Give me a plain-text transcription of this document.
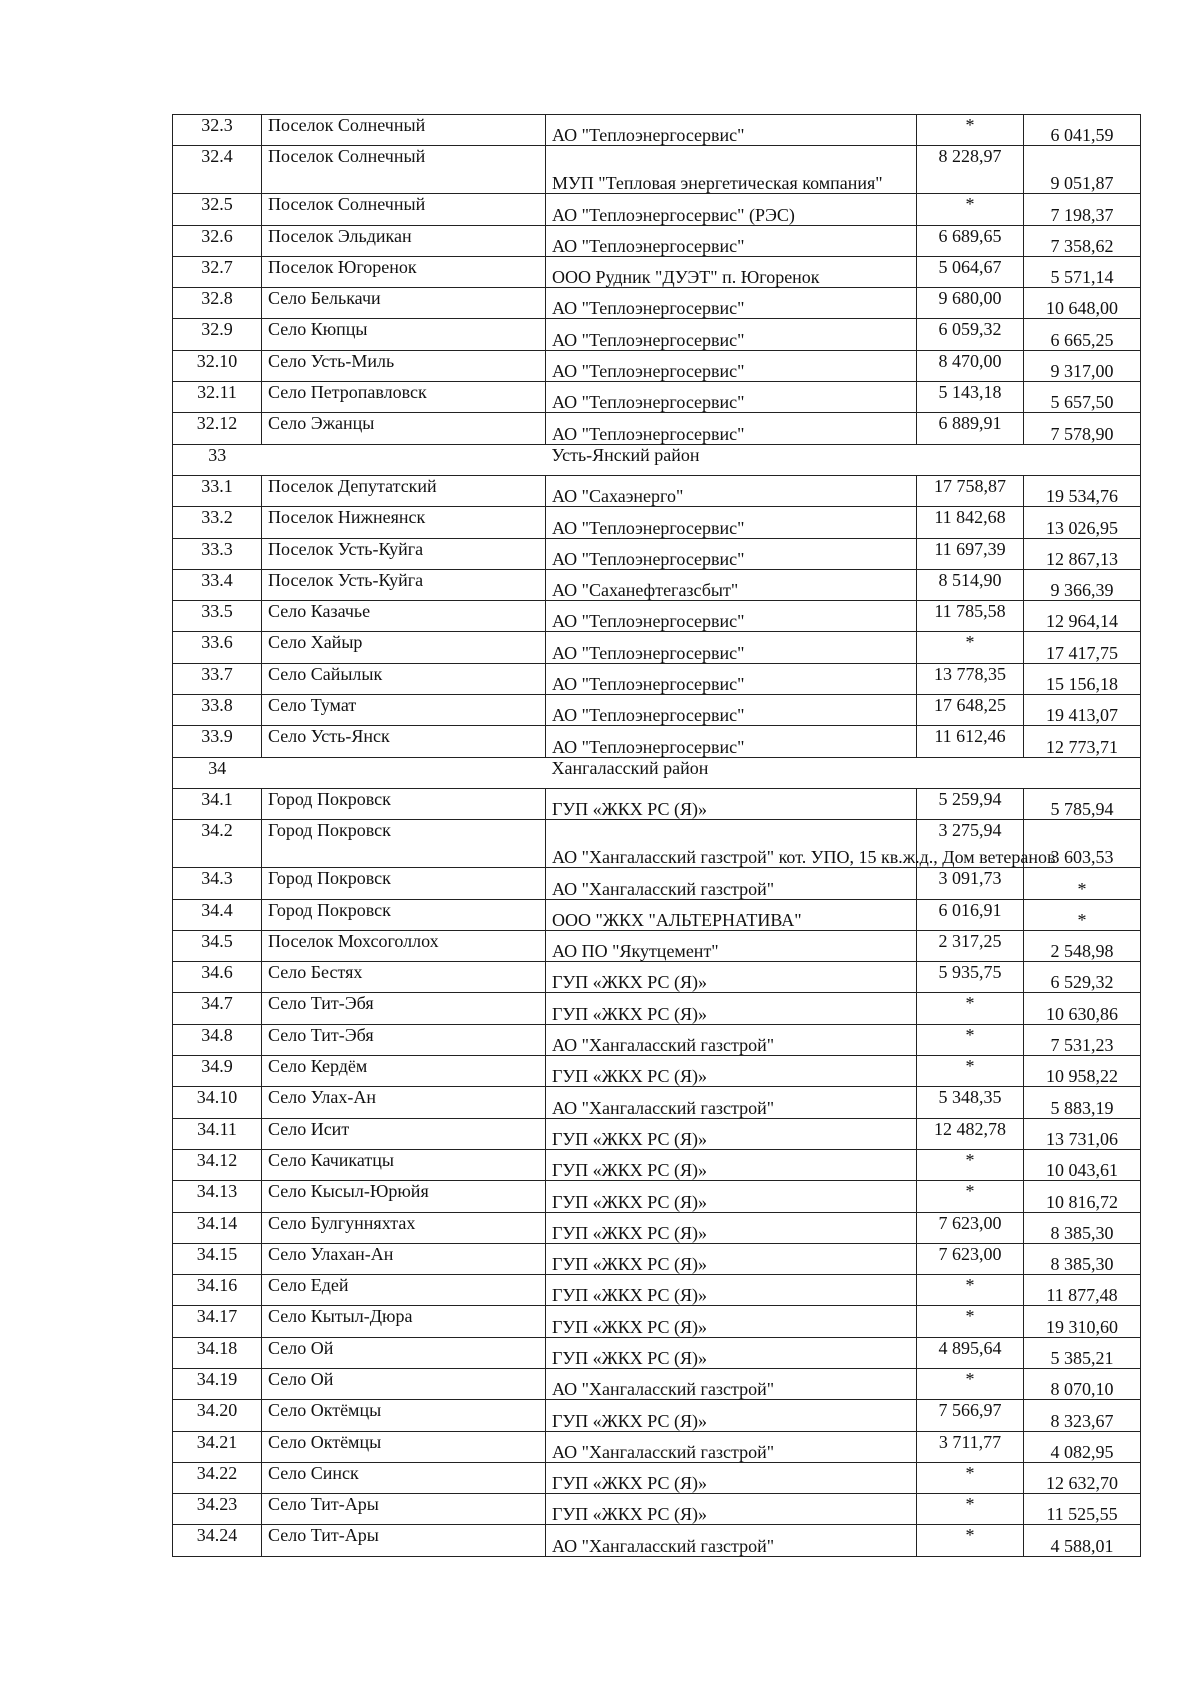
32.3	Поселок Солнечный	АО "Теплоэнергосервис"	*	6 041,59
32.4	Поселок Солнечный	МУП "Тепловая энергетическая компания"	8 228,97	9 051,87
32.5	Поселок Солнечный	АО "Теплоэнергосервис" (РЭС)	*	7 198,37
32.6	Поселок Эльдикан	АО "Теплоэнергосервис"	6 689,65	7 358,62
32.7	Поселок Югоренок	ООО Рудник "ДУЭТ" п. Югоренок	5 064,67	5 571,14
32.8	Село Белькачи	АО "Теплоэнергосервис"	9 680,00	10 648,00
32.9	Село Кюпцы	АО "Теплоэнергосервис"	6 059,32	6 665,25
32.10	Село Усть-Миль	АО "Теплоэнергосервис"	8 470,00	9 317,00
32.11	Село Петропавловск	АО "Теплоэнергосервис"	5 143,18	5 657,50
32.12	Село Эжанцы	АО "Теплоэнергосервис"	6 889,91	7 578,90
33		Усть-Янский район		
33.1	Поселок Депутатский	АО "Сахаэнерго"	17 758,87	19 534,76
33.2	Поселок Нижнеянск	АО "Теплоэнергосервис"	11 842,68	13 026,95
33.3	Поселок Усть-Куйга	АО "Теплоэнергосервис"	11 697,39	12 867,13
33.4	Поселок Усть-Куйга	АО "Саханефтегазсбыт"	8 514,90	9 366,39
33.5	Село Казачье	АО "Теплоэнергосервис"	11 785,58	12 964,14
33.6	Село Хайыр	АО "Теплоэнергосервис"	*	17 417,75
33.7	Село Сайылык	АО "Теплоэнергосервис"	13 778,35	15 156,18
33.8	Село Тумат	АО "Теплоэнергосервис"	17 648,25	19 413,07
33.9	Село Усть-Янск	АО "Теплоэнергосервис"	11 612,46	12 773,71
34		Хангаласский район		
34.1	Город Покровск	ГУП «ЖКХ РС (Я)»	5 259,94	5 785,94
34.2	Город Покровск	АО "Хангаласский газстрой" кот. УПО, 15 кв.ж.д., Дом ветеранов	3 275,94	3 603,53
34.3	Город Покровск	АО "Хангаласский газстрой"	3 091,73	*
34.4	Город Покровск	ООО "ЖКХ "АЛЬТЕРНАТИВА"	6 016,91	*
34.5	Поселок Мохсоголлох	АО ПО "Якутцемент"	2 317,25	2 548,98
34.6	Село Бестях	ГУП «ЖКХ РС (Я)»	5 935,75	6 529,32
34.7	Село Тит-Эбя	ГУП «ЖКХ РС (Я)»	*	10 630,86
34.8	Село Тит-Эбя	АО "Хангаласский газстрой"	*	7 531,23
34.9	Село Кердём	ГУП «ЖКХ РС (Я)»	*	10 958,22
34.10	Село Улах-Ан	АО "Хангаласский газстрой"	5 348,35	5 883,19
34.11	Село Исит	ГУП «ЖКХ РС (Я)»	12 482,78	13 731,06
34.12	Село Качикатцы	ГУП «ЖКХ РС (Я)»	*	10 043,61
34.13	Село Кысыл-Юрюйя	ГУП «ЖКХ РС (Я)»	*	10 816,72
34.14	Село Булгунняхтах	ГУП «ЖКХ РС (Я)»	7 623,00	8 385,30
34.15	Село Улахан-Ан	ГУП «ЖКХ РС (Я)»	7 623,00	8 385,30
34.16	Село Едей	ГУП «ЖКХ РС (Я)»	*	11 877,48
34.17	Село Кытыл-Дюра	ГУП «ЖКХ РС (Я)»	*	19 310,60
34.18	Село Ой	ГУП «ЖКХ РС (Я)»	4 895,64	5 385,21
34.19	Село Ой	АО "Хангаласский газстрой"	*	8 070,10
34.20	Село Октёмцы	ГУП «ЖКХ РС (Я)»	7 566,97	8 323,67
34.21	Село Октёмцы	АО "Хангаласский газстрой"	3 711,77	4 082,95
34.22	Село Синск	ГУП «ЖКХ РС (Я)»	*	12 632,70
34.23	Село Тит-Ары	ГУП «ЖКХ РС (Я)»	*	11 525,55
34.24	Село Тит-Ары	АО "Хангаласский газстрой"	*	4 588,01
